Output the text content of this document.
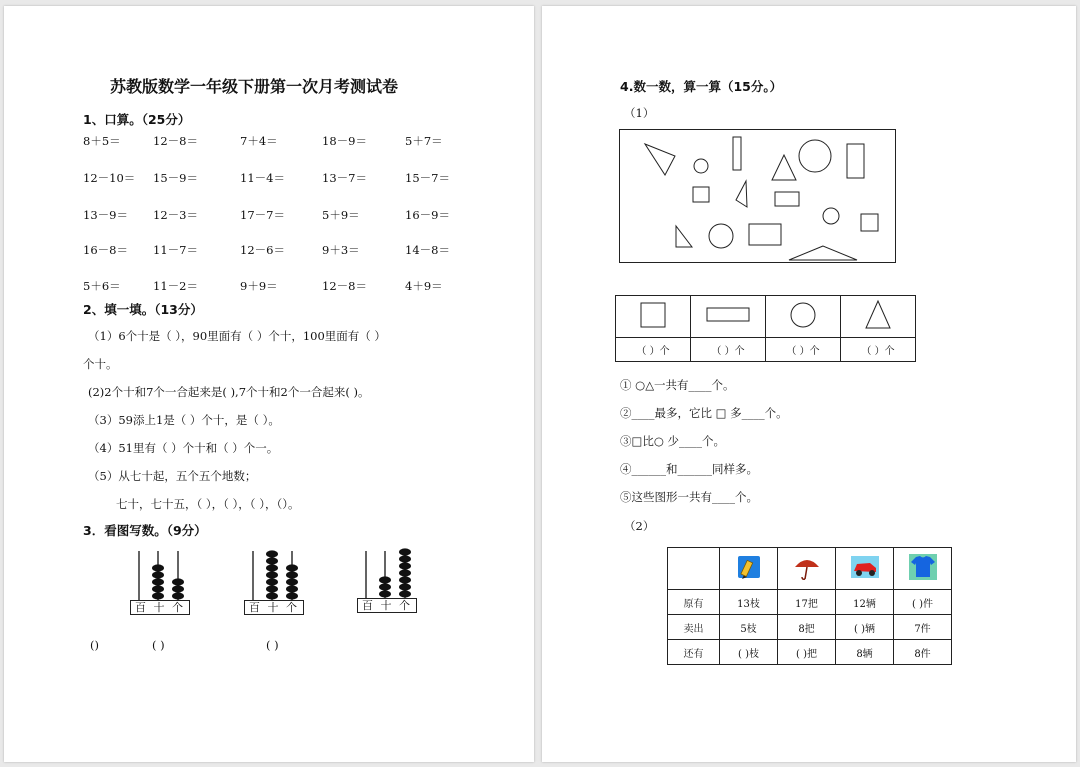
苏教版数学一年级下册第一次月考测试卷
1、口算。（25分）
8＋5＝	12－8＝	7＋4＝	18－9＝	5＋7＝
12－10＝ 15－9＝	11－4＝	13－7＝	15－7＝
13－9＝ 12－3＝	17－7＝	5＋9＝	16－9＝
16－8＝ 11－7＝	12－6＝	9＋3＝	14－8＝
5＋6＝	11－2＝	9＋9＝	12－8＝	4＋9＝
2、填一填。（13分）
（1）6个十是（ ），90里面有（ ）个十，100里面有（ ）
个十。
(2)2个十和7个一合起来是( ),7个十和2个一合起来( )。
（3）59添上1是（ ）个十，是（ ）。
（4）51里有（ ）个十和（ ）个一。
（5）从七十起，五个五个地数；
七十，七十五，（ ），（ ），（ ），（）。
3．看图写数。（9分）
百 十 个	百 十 个	百 十 个
()	( )	( )
4.数一数，算一算（15分。）
（1）

（ ）个	（ ）个	（ ）个	（ ）个
① ○△一共有____个。
②____最多，它比 □ 多____个。
③□比○ 少____个。
④______和______同样多。
⑤这些图形一共有____个。
（2）

原有	13枝	17把	12辆	( )件
卖出	5枝	8把	( )辆	7件
还有	( )枝	( )把	8辆	8件
